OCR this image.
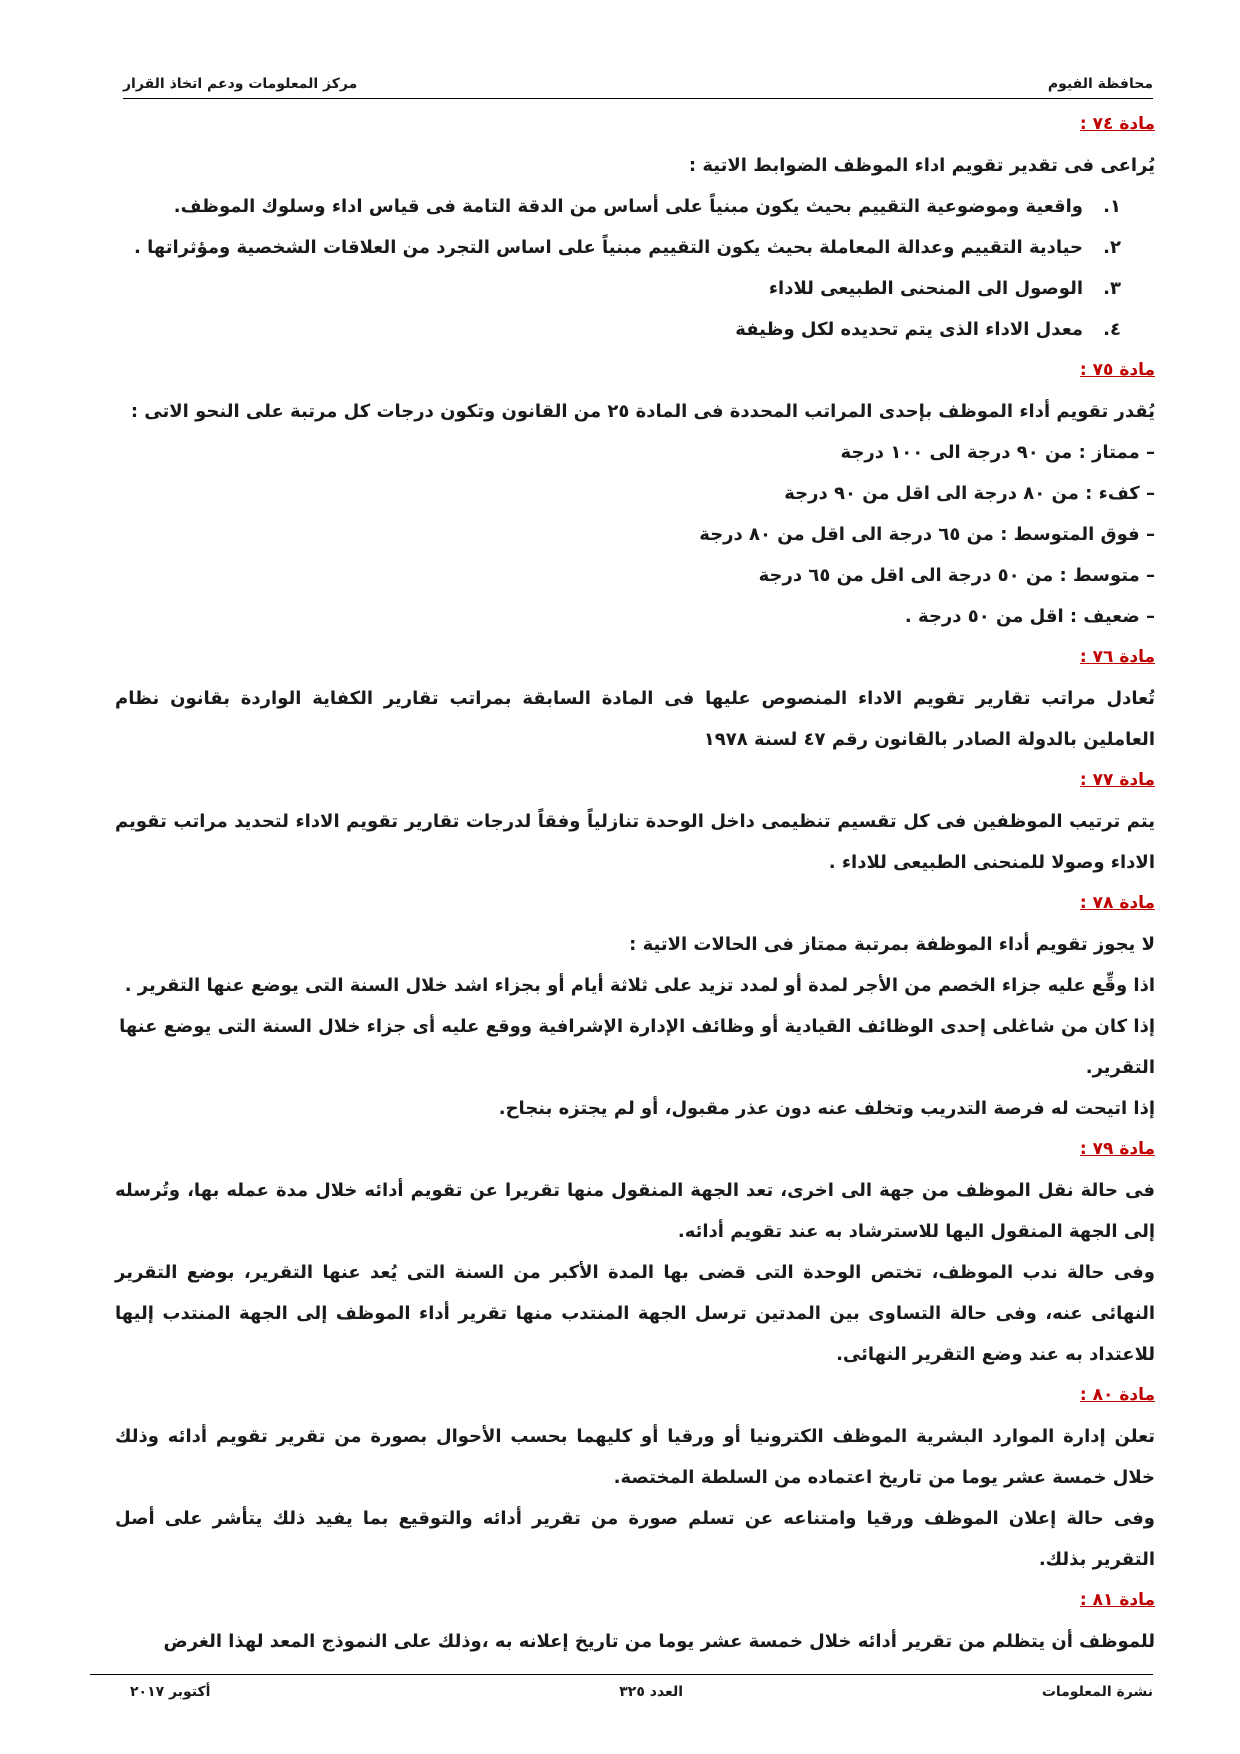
محافظة الفيوم
مركز المعلومات ودعم اتخاذ القرار
مادة ٧٤ :
يُراعى فى تقدير تقويم اداء الموظف الضوابط الاتية :
١.
واقعية وموضوعية التقييم بحيث يكون مبنياً على أساس من الدقة التامة فى قياس اداء وسلوك الموظف.
٢.
حيادية التقييم وعدالة المعاملة بحيث يكون التقييم مبنياً على اساس التجرد من العلاقات الشخصية ومؤثراتها .
٣.
الوصول الى المنحنى الطبيعى للاداء
٤.
معدل الاداء الذى يتم تحديده لكل وظيفة
مادة ٧٥ :
يُقدر تقويم أداء الموظف بإحدى المراتب المحددة فى المادة ٢٥ من القانون وتكون درجات كل مرتبة على النحو الاتى :
– ممتاز : من ٩٠ درجة الى ١٠٠ درجة
– كفء : من ٨٠ درجة الى اقل من ٩٠ درجة
– فوق المتوسط : من ٦٥ درجة الى اقل من ٨٠ درجة
– متوسط : من ٥٠ درجة الى اقل من ٦٥ درجة
– ضعيف : اقل من ٥٠ درجة .
مادة ٧٦ :
تُعادل مراتب تقارير تقويم الاداء المنصوص عليها فى المادة السابقة بمراتب تقارير الكفاية الواردة بقانون نظام العاملين بالدولة الصادر بالقانون رقم ٤٧ لسنة ١٩٧٨
مادة ٧٧ :
يتم ترتيب الموظفين فى كل تقسيم تنظيمى داخل الوحدة تنازلياً وفقاً لدرجات تقارير تقويم الاداء لتحديد مراتب تقويم الاداء وصولا للمنحنى الطبيعى للاداء .
مادة ٧٨ :
لا يجوز تقويم أداء الموظفة بمرتبة ممتاز فى الحالات الاتية :
اذا وقِّع عليه جزاء الخصم من الأجر لمدة أو لمدد تزيد على ثلاثة أيام أو بجزاء اشد خلال السنة التى يوضع عنها التقرير .
إذا كان من شاغلى إحدى الوظائف القيادية أو وظائف الإدارة الإشرافية ووقع عليه أى جزاء خلال السنة التى يوضع عنها التقرير.
إذا اتيحت له فرصة التدريب وتخلف عنه دون عذر مقبول، أو لم يجتزه بنجاح.
مادة ٧٩ :
فى حالة نقل الموظف من جهة الى اخرى، تعد الجهة المنقول منها تقريرا عن تقويم أدائه خلال مدة عمله بها، وتُرسله إلى الجهة المنقول اليها للاسترشاد به عند تقويم أدائه.
وفى حالة ندب الموظف، تختص الوحدة التى قضى بها المدة الأكبر من السنة التى يُعد عنها التقرير، بوضع التقرير النهائى عنه، وفى حالة التساوى بين المدتين ترسل الجهة المنتدب منها تقرير أداء الموظف إلى الجهة المنتدب إليها للاعتداد به عند وضع التقرير النهائى.
مادة ٨٠ :
تعلن إدارة الموارد البشرية الموظف الكترونيا أو ورقيا أو كليهما بحسب الأحوال بصورة من تقرير تقويم أدائه وذلك خلال خمسة عشر يوما من تاريخ اعتماده من السلطة المختصة.
وفى حالة إعلان الموظف ورقيا وامتناعه عن تسلم صورة من تقرير أدائه والتوقيع بما يفيد ذلك يتأشر على أصل التقرير بذلك.
مادة ٨١ :
للموظف أن يتظلم من تقرير أدائه خلال خمسة عشر يوما من تاريخ إعلانه به ،وذلك على النموذج المعد لهذا الغرض
نشرة المعلومات
العدد ٣٢٥
أكتوبر ٢٠١٧
